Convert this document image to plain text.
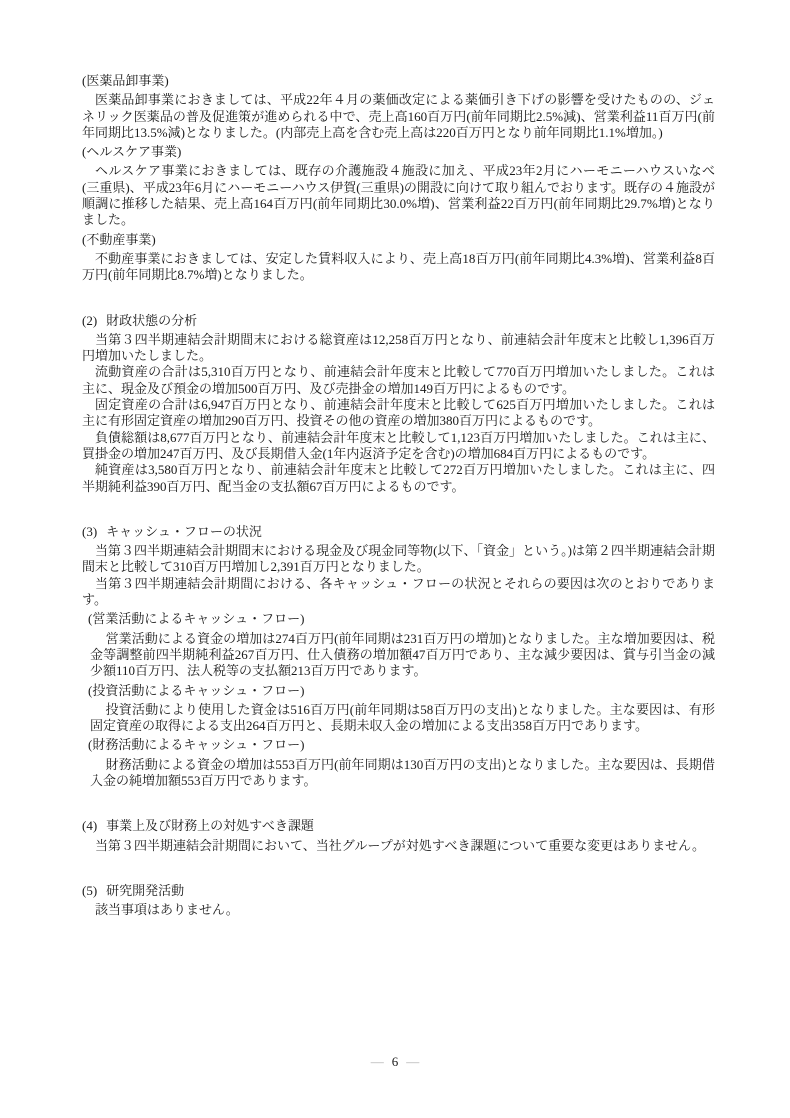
(医薬品卸事業)

医薬品卸事業におきましては、平成22年４月の薬価改定による薬価引き下げの影響を受けたものの、ジェネリック医薬品の普及促進策が進められる中で、売上高160百万円(前年同期比2.5%減)、営業利益11百万円(前年同期比13.5%減)となりました。(内部売上高を含む売上高は220百万円となり前年同期比1.1%増加。)

(ヘルスケア事業)

ヘルスケア事業におきましては、既存の介護施設４施設に加え、平成23年2月にハーモニーハウスいなべ(三重県)、平成23年6月にハーモニーハウス伊賀(三重県)の開設に向けて取り組んでおります。既存の４施設が順調に推移した結果、売上高164百万円(前年同期比30.0%増)、営業利益22百万円(前年同期比29.7%増)となりました。

(不動産事業)

不動産事業におきましては、安定した賃料収入により、売上高18百万円(前年同期比4.3%増)、営業利益8百万円(前年同期比8.7%増)となりました。

(2) 財政状態の分析

当第３四半期連結会計期間末における総資産は12,258百万円となり、前連結会計年度末と比較し1,396百万円増加いたしました。

流動資産の合計は5,310百万円となり、前連結会計年度末と比較して770百万円増加いたしました。これは主に、現金及び預金の増加500百万円、及び売掛金の増加149百万円によるものです。

固定資産の合計は6,947百万円となり、前連結会計年度末と比較して625百万円増加いたしました。これは主に有形固定資産の増加290百万円、投資その他の資産の増加380百万円によるものです。

負債総額は8,677百万円となり、前連結会計年度末と比較して1,123百万円増加いたしました。これは主に、買掛金の増加247百万円、及び長期借入金(1年内返済予定を含む)の増加684百万円によるものです。

純資産は3,580百万円となり、前連結会計年度末と比較して272百万円増加いたしました。これは主に、四半期純利益390百万円、配当金の支払額67百万円によるものです。

(3) キャッシュ・フローの状況

当第３四半期連結会計期間末における現金及び現金同等物(以下、「資金」という。)は第２四半期連結会計期間末と比較して310百万円増加し2,391百万円となりました。

当第３四半期連結会計期間における、各キャッシュ・フローの状況とそれらの要因は次のとおりであります。

(営業活動によるキャッシュ・フロー)

営業活動による資金の増加は274百万円(前年同期は231百万円の増加)となりました。主な増加要因は、税金等調整前四半期純利益267百万円、仕入債務の増加額47百万円であり、主な減少要因は、賞与引当金の減少額110百万円、法人税等の支払額213百万円であります。

(投資活動によるキャッシュ・フロー)

投資活動により使用した資金は516百万円(前年同期は58百万円の支出)となりました。主な要因は、有形固定資産の取得による支出264百万円と、長期未収入金の増加による支出358百万円であります。

(財務活動によるキャッシュ・フロー)

財務活動による資金の増加は553百万円(前年同期は130百万円の支出)となりました。主な要因は、長期借入金の純増加額553百万円であります。

(4) 事業上及び財務上の対処すべき課題

当第３四半期連結会計期間において、当社グループが対処すべき課題について重要な変更はありません。

(5) 研究開発活動

該当事項はありません。

― 6 ―
